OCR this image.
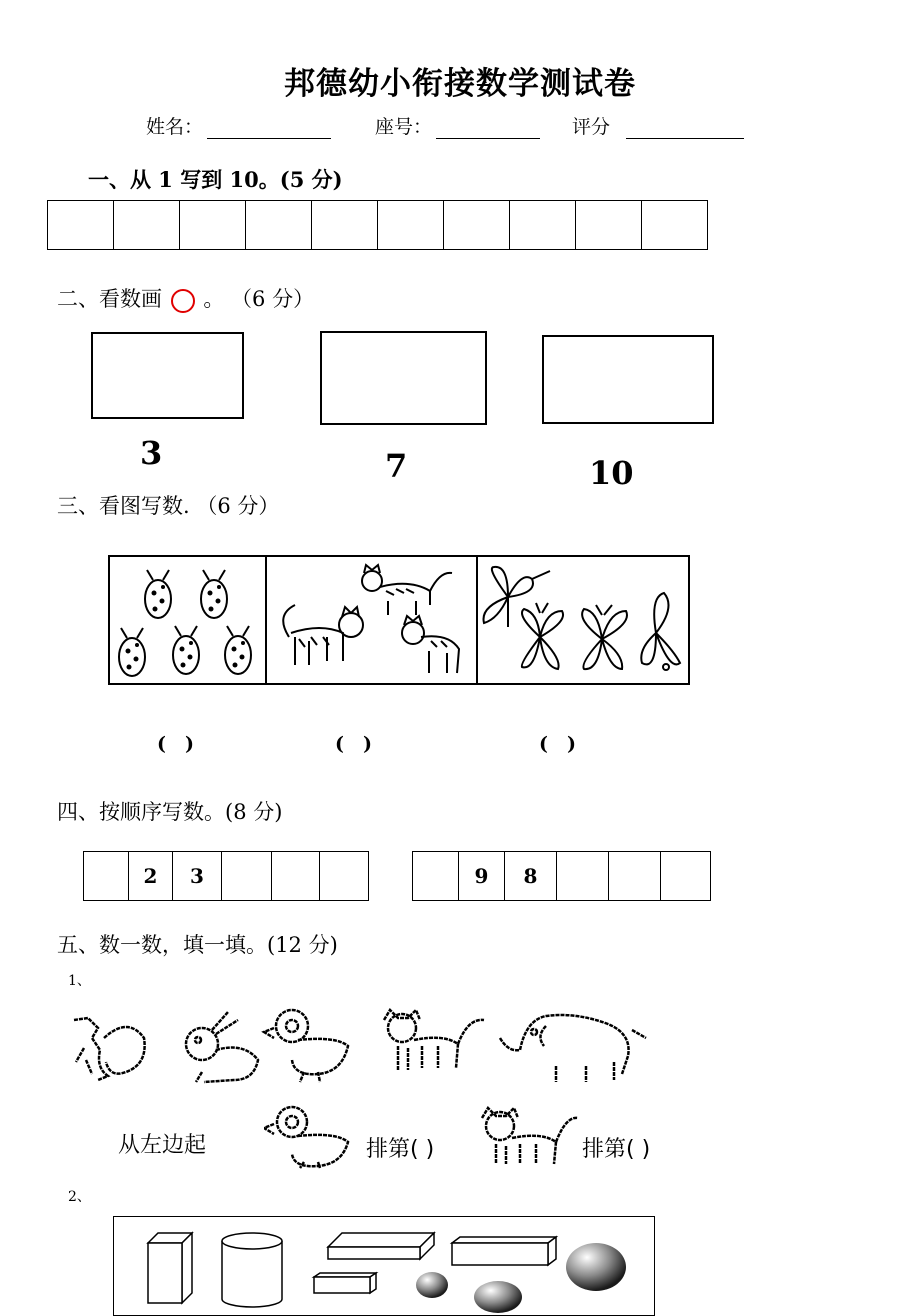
邦德幼小衔接数学测试卷
姓名：	座号：	评分
一、从 1 写到 10。(5 分)

二、看数画 。 （6 分）
3	7	10
三、看图写数. （6 分）
(　)	(　)	(　)
四、按顺序写数。(8 分)
	2	3			
		9	8			
五、数一数，填一填。(12 分)
1、
从左边起	排第( )	排第( )
2、
